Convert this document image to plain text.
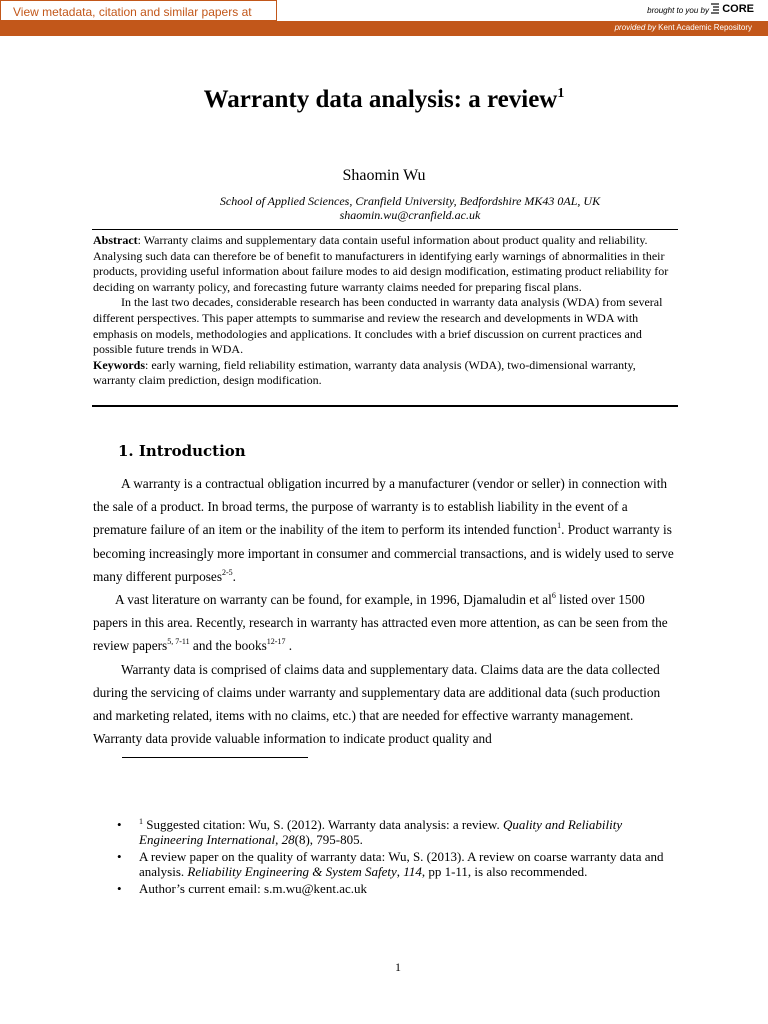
View metadata, citation and similar papers at	brought to you by CORE
provided by Kent Academic Repository
Warranty data analysis: a review$^1$
Shaomin Wu
School of Applied Sciences, Cranfield University, Bedfordshire MK43 0AL, UK
shaomin.wu@cranfield.ac.uk

Abstract: Warranty claims and supplementary data contain useful information about product quality and reliability. Analysing such data can therefore be of benefit to manufacturers in identifying early warnings of abnormalities in their products, providing useful information about failure modes to aid design modification, estimating product reliability for deciding on warranty policy, and forecasting future warranty claims needed for preparing fiscal plans.

In the last two decades, considerable research has been conducted in warranty data analysis (WDA) from several different perspectives. This paper attempts to summarise and review the research and developments in WDA with emphasis on models, methodologies and applications. It concludes with a brief discussion on current practices and possible future trends in WDA.

Keywords: early warning, field reliability estimation, warranty data analysis (WDA), two-dimensional warranty, warranty claim prediction, design modification.

1. Introduction

A warranty is a contractual obligation incurred by a manufacturer (vendor or seller) in connection with the sale of a product. In broad terms, the purpose of warranty is to establish liability in the event of a premature failure of an item or the inability of the item to perform its intended function$^1$. Product warranty is becoming increasingly more important in consumer and commercial transactions, and is widely used to serve many different purposes$^{2-5}$.

A vast literature on warranty can be found, for example, in 1996, Djamaludin et $al^6$ listed over 1500 papers in this area. Recently, research in warranty has attracted even more attention, as can be seen from the review papers$^{5, 7-11}$ and the books$^{12-17}$ .

Warranty data is comprised of claims data and supplementary data. Claims data are the data collected during the servicing of claims under warranty and supplementary data are additional data (such production and marketing related, items with no claims, etc.) that are needed for effective warranty management. Warranty data provide valuable information to indicate product quality and

• $^1$ Suggested citation: Wu, S. (2012). Warranty data analysis: a review. Quality and Reliability Engineering International, 28(8), 795-805.
• A review paper on the quality of warranty data: Wu, S. (2013). A review on coarse warranty data and analysis. Reliability Engineering & System Safety, 114, pp 1-11, is also recommended.
• Author’s current email: s.m.wu@kent.ac.uk
1
